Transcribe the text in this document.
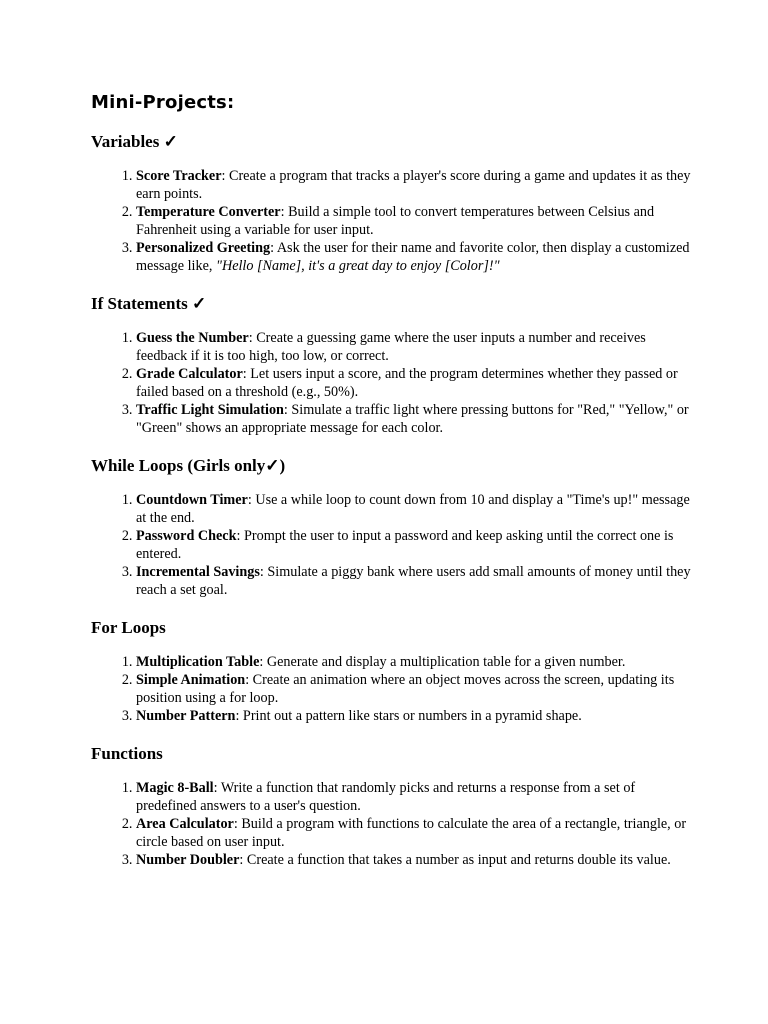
Mini-Projects:
Variables ✓
1. Score Tracker: Create a program that tracks a player's score during a game and updates it as they earn points.
2. Temperature Converter: Build a simple tool to convert temperatures between Celsius and Fahrenheit using a variable for user input.
3. Personalized Greeting: Ask the user for their name and favorite color, then display a customized message like, "Hello [Name], it's a great day to enjoy [Color]!"
If Statements ✓
1. Guess the Number: Create a guessing game where the user inputs a number and receives feedback if it is too high, too low, or correct.
2. Grade Calculator: Let users input a score, and the program determines whether they passed or failed based on a threshold (e.g., 50%).
3. Traffic Light Simulation: Simulate a traffic light where pressing buttons for "Red," "Yellow," or "Green" shows an appropriate message for each color.
While Loops (Girls only✓)
1. Countdown Timer: Use a while loop to count down from 10 and display a "Time's up!" message at the end.
2. Password Check: Prompt the user to input a password and keep asking until the correct one is entered.
3. Incremental Savings: Simulate a piggy bank where users add small amounts of money until they reach a set goal.
For Loops
1. Multiplication Table: Generate and display a multiplication table for a given number.
2. Simple Animation: Create an animation where an object moves across the screen, updating its position using a for loop.
3. Number Pattern: Print out a pattern like stars or numbers in a pyramid shape.
Functions
1. Magic 8-Ball: Write a function that randomly picks and returns a response from a set of predefined answers to a user's question.
2. Area Calculator: Build a program with functions to calculate the area of a rectangle, triangle, or circle based on user input.
3. Number Doubler: Create a function that takes a number as input and returns double its value.
